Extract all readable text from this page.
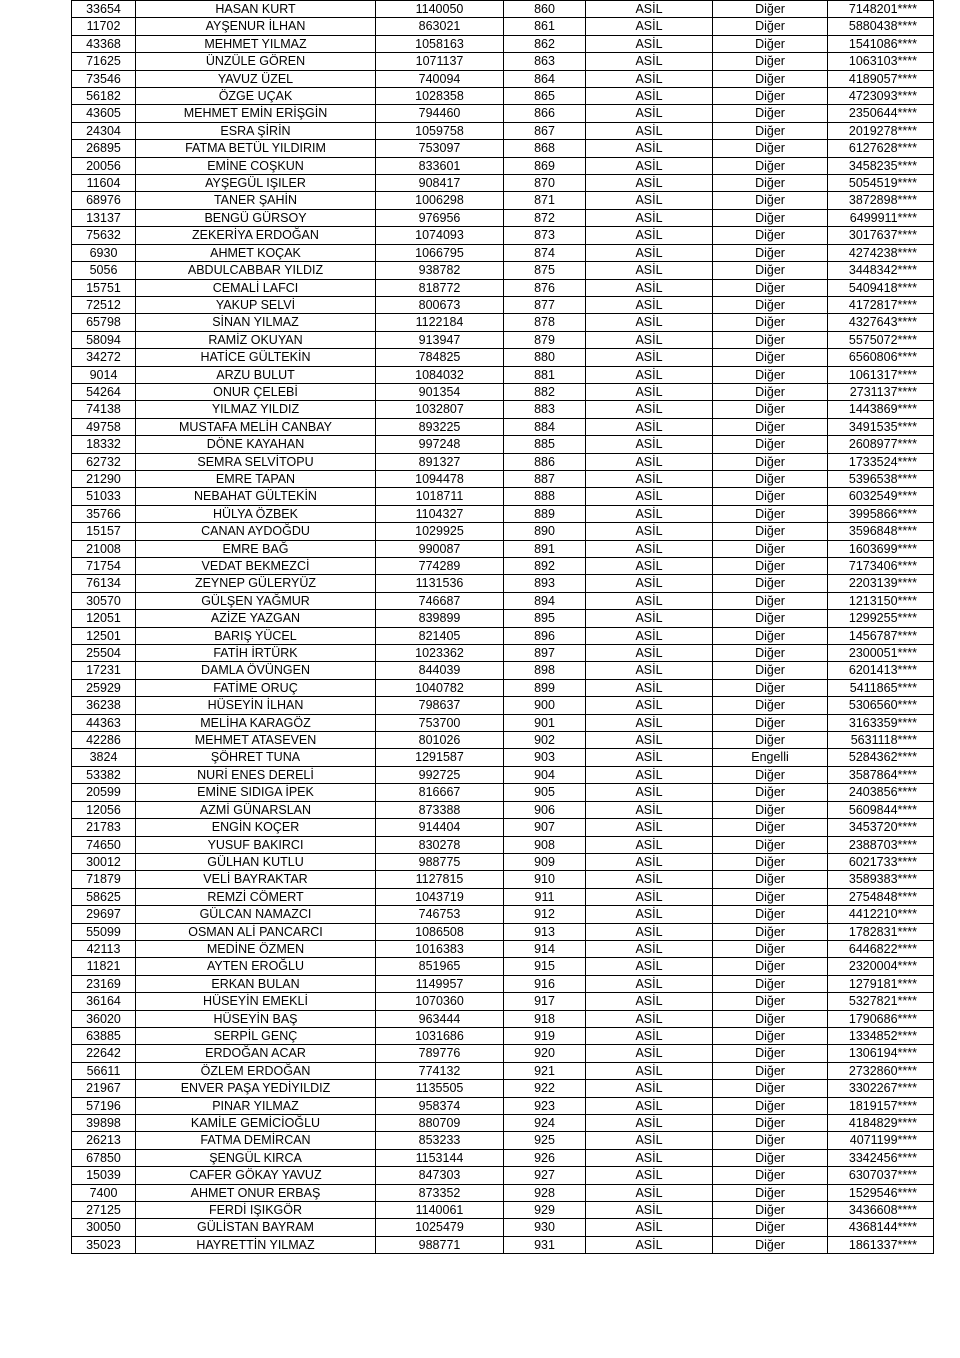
33654	HASAN KURT	1140050	860	ASİL	Diğer	7148201****
11702	AYŞENUR İLHAN	863021	861	ASİL	Diğer	5880438****
43368	MEHMET YILMAZ	1058163	862	ASİL	Diğer	1541086****
71625	ÜNZÜLE GÖREN	1071137	863	ASİL	Diğer	1063103****
73546	YAVUZ ÜZEL	740094	864	ASİL	Diğer	4189057****
56182	ÖZGE UÇAK	1028358	865	ASİL	Diğer	4723093****
43605	MEHMET EMİN ERİŞGİN	794460	866	ASİL	Diğer	2350644****
24304	ESRA ŞİRİN	1059758	867	ASİL	Diğer	2019278****
26895	FATMA BETÜL YILDIRIM	753097	868	ASİL	Diğer	6127628****
20056	EMİNE COŞKUN	833601	869	ASİL	Diğer	3458235****
11604	AYŞEGÜL IŞILER	908417	870	ASİL	Diğer	5054519****
68976	TANER ŞAHİN	1006298	871	ASİL	Diğer	3872898****
13137	BENGÜ GÜRSOY	976956	872	ASİL	Diğer	6499911****
75632	ZEKERİYA ERDOĞAN	1074093	873	ASİL	Diğer	3017637****
6930	AHMET KOÇAK	1066795	874	ASİL	Diğer	4274238****
5056	ABDULCABBAR YILDIZ	938782	875	ASİL	Diğer	3448342****
15751	CEMALİ LAFCI	818772	876	ASİL	Diğer	5409418****
72512	YAKUP SELVİ	800673	877	ASİL	Diğer	4172817****
65798	SİNAN YILMAZ	1122184	878	ASİL	Diğer	4327643****
58094	RAMİZ OKUYAN	913947	879	ASİL	Diğer	5575072****
34272	HATİCE GÜLTEKİN	784825	880	ASİL	Diğer	6560806****
9014	ARZU BULUT	1084032	881	ASİL	Diğer	1061317****
54264	ONUR ÇELEBİ	901354	882	ASİL	Diğer	2731137****
74138	YILMAZ YILDIZ	1032807	883	ASİL	Diğer	1443869****
49758	MUSTAFA MELİH CANBAY	893225	884	ASİL	Diğer	3491535****
18332	DÖNE KAYAHAN	997248	885	ASİL	Diğer	2608977****
62732	SEMRA SELVİTOPU	891327	886	ASİL	Diğer	1733524****
21290	EMRE TAPAN	1094478	887	ASİL	Diğer	5396538****
51033	NEBAHAT GÜLTEKİN	1018711	888	ASİL	Diğer	6032549****
35766	HÜLYA ÖZBEK	1104327	889	ASİL	Diğer	3995866****
15157	CANAN AYDOĞDU	1029925	890	ASİL	Diğer	3596848****
21008	EMRE BAĞ	990087	891	ASİL	Diğer	1603699****
71754	VEDAT BEKMEZCİ	774289	892	ASİL	Diğer	7173406****
76134	ZEYNEP GÜLERYÜZ	1131536	893	ASİL	Diğer	2203139****
30570	GÜLŞEN YAĞMUR	746687	894	ASİL	Diğer	1213150****
12051	AZİZE YAZGAN	839899	895	ASİL	Diğer	1299255****
12501	BARIŞ YÜCEL	821405	896	ASİL	Diğer	1456787****
25504	FATİH İRTÜRK	1023362	897	ASİL	Diğer	2300051****
17231	DAMLA ÖVÜNGEN	844039	898	ASİL	Diğer	6201413****
25929	FATİME ORUÇ	1040782	899	ASİL	Diğer	5411865****
36238	HÜSEYİN İLHAN	798637	900	ASİL	Diğer	5306560****
44363	MELİHA KARAGÖZ	753700	901	ASİL	Diğer	3163359****
42286	MEHMET ATASEVEN	801026	902	ASİL	Diğer	5631118****
3824	ŞÖHRET TUNA	1291587	903	ASİL	Engelli	5284362****
53382	NURİ ENES DERELİ	992725	904	ASİL	Diğer	3587864****
20599	EMİNE SIDIGA İPEK	816667	905	ASİL	Diğer	2403856****
12056	AZMİ GÜNARSLAN	873388	906	ASİL	Diğer	5609844****
21783	ENGİN KOÇER	914404	907	ASİL	Diğer	3453720****
74650	YUSUF BAKIRCI	830278	908	ASİL	Diğer	2388703****
30012	GÜLHAN KUTLU	988775	909	ASİL	Diğer	6021733****
71879	VELİ BAYRAKTAR	1127815	910	ASİL	Diğer	3589383****
58625	REMZİ CÖMERT	1043719	911	ASİL	Diğer	2754848****
29697	GÜLCAN NAMAZCI	746753	912	ASİL	Diğer	4412210****
55099	OSMAN ALİ PANCARCI	1086508	913	ASİL	Diğer	1782831****
42113	MEDİNE ÖZMEN	1016383	914	ASİL	Diğer	6446822****
11821	AYTEN EROĞLU	851965	915	ASİL	Diğer	2320004****
23169	ERKAN BULAN	1149957	916	ASİL	Diğer	1279181****
36164	HÜSEYİN EMEKLİ	1070360	917	ASİL	Diğer	5327821****
36020	HÜSEYİN BAŞ	963444	918	ASİL	Diğer	1790686****
63885	SERPİL GENÇ	1031686	919	ASİL	Diğer	1334852****
22642	ERDOĞAN ACAR	789776	920	ASİL	Diğer	1306194****
56611	ÖZLEM ERDOĞAN	774132	921	ASİL	Diğer	2732860****
21967	ENVER PAŞA YEDİYILDIZ	1135505	922	ASİL	Diğer	3302267****
57196	PINAR YILMAZ	958374	923	ASİL	Diğer	1819157****
39898	KAMİLE GEMİCİOĞLU	880709	924	ASİL	Diğer	4184829****
26213	FATMA DEMİRCAN	853233	925	ASİL	Diğer	4071199****
67850	ŞENGÜL KIRCA	1153144	926	ASİL	Diğer	3342456****
15039	CAFER GÖKAY YAVUZ	847303	927	ASİL	Diğer	6307037****
7400	AHMET ONUR ERBAŞ	873352	928	ASİL	Diğer	1529546****
27125	FERDİ IŞIKGÖR	1140061	929	ASİL	Diğer	3436608****
30050	GÜLİSTAN BAYRAM	1025479	930	ASİL	Diğer	4368144****
35023	HAYRETTİN YILMAZ	988771	931	ASİL	Diğer	1861337****
